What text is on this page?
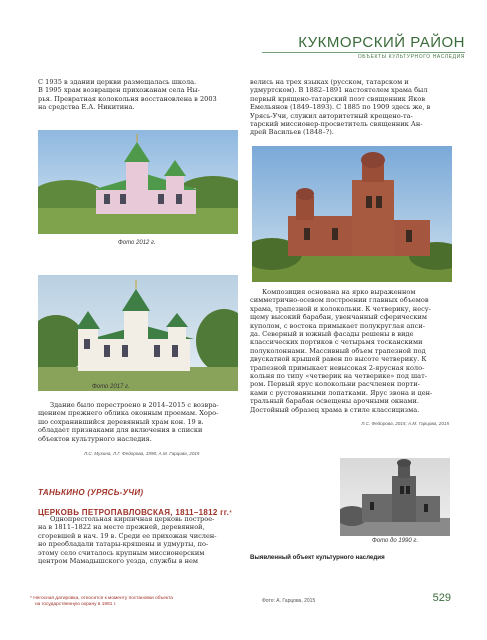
КУКМОРСКИЙ РАЙОН
ОБЪЕКТЫ КУЛЬТУРНОГО НАСЛЕДИЯ
С 1935 в здании церкви размещалась школа.
В 1995 храм возвращен прихожанам села Ны-
рья. Превратная колокольня восстановлена в 2003
на средства Е.А. Никитина.
велись на трех языках (русском, татарском и
удмуртском). В 1882–1891 настоятелем храма был
первый крящено-татарский поэт священник Яков
Емельянов (1849–1893). С 1885 по 1909 здесь же, в
Урясь-Учи, служил авторитетный крещено-та-
тарский миссионер-просветитель священник Ан-
дрей Васильев (1848–?).
Фото 2012 г.
Фото 2017 г.
Композиция основана на ярко выраженном
симметрично-осевом построении главных объемов
храма, трапезной и колокольни. К четверику, несу-
щему высокий барабан, увенчанный сферическим
куполом, с востока примыкает полукруглая апси-
да. Северный и южный фасады решены в виде
классических портиков с четырьмя тосканскими
полуколоннами. Массивный объем трапезной под
двускатной крышей равен по высоте четверику. К
трапезной примыкает невысокая 2-ярусная коло-
кольня по типу «четверик на четверике» под шат-
ром. Первый ярус колокольни расчленен порти-
ками с рустованными лопатками. Ярус звона и цен-
тральный барабан освещены арочными окнами.
Достойный образец храма в стиле классицизма.
Л.С. Федорова, 2015; А.М. Гарцова, 2015
Здание было перестроено в 2014–2015 с возвра-
щением прежнего облика оконным проемам. Хоро-
шо сохранившийся деревянный храм кон. 19 в.
обладает признаками для включения в списки
объектов культурного наследия.
Л.С. Мухина, Л.Г. Федорова, 1998; А.М. Гарцова, 2015
ТАНЬКИНО (УРЯСЬ-УЧИ)
ЦЕРКОВЬ ПЕТРОПАВЛОВСКАЯ, 1811–1812 гг.*
Однопрестольная кирпичная церковь построе-
на в 1811–1822 на месте прежней, деревянной,
сгоревшей в нач. 19 в. Среди ее прихожан числен-
но преобладали татары-кряшены и удмурты, по-
этому село считалось крупным миссионерским
центром Мамадышского уезда, службы в нем
Фото до 1990 г.
Выявленный объект культурного наследия
* Негосная датировка, относится к моменту постановки объекта
на государственную охрану в 1981 г.
Фото: А. Гарцова, 2015	529
